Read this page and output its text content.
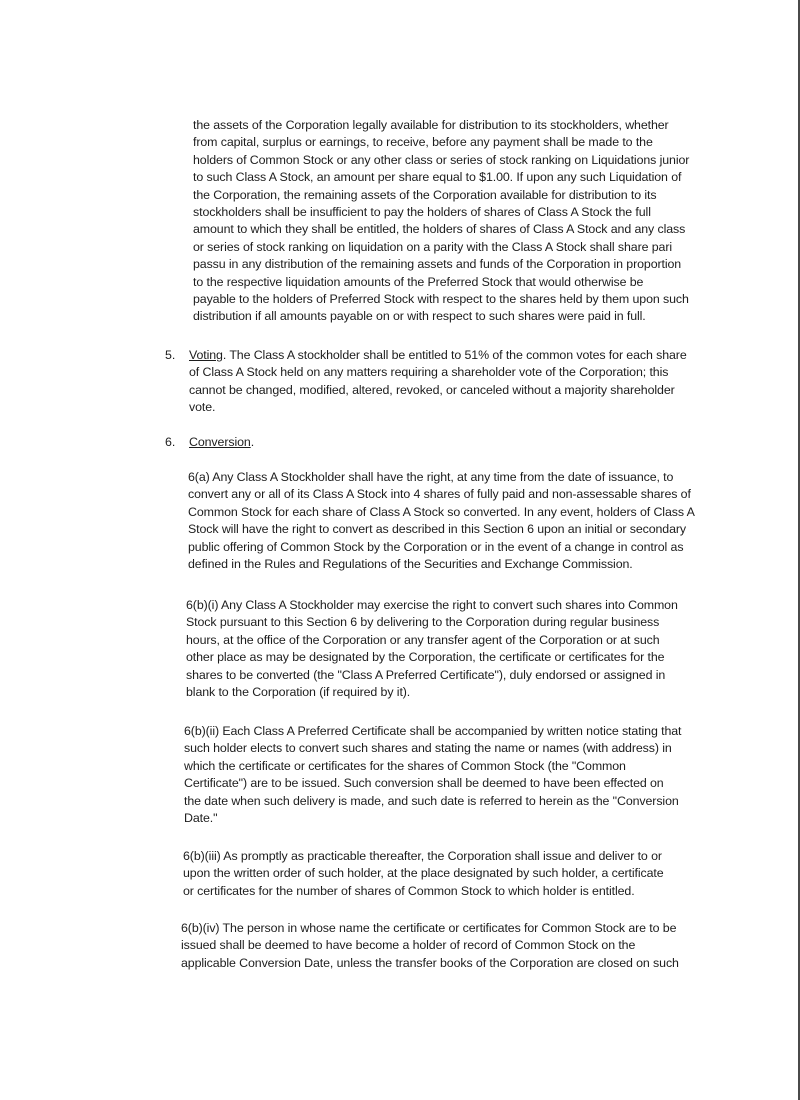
the assets of the Corporation legally available for distribution to its stockholders, whether
from capital, surplus or earnings, to receive, before any payment shall be made to the
holders of Common Stock or any other class or series of stock ranking on Liquidations junior
to such Class A Stock, an amount per share equal to $1.00. If upon any such Liquidation of
the Corporation, the remaining assets of the Corporation available for distribution to its
stockholders shall be insufficient to pay the holders of shares of Class A Stock the full
amount to which they shall be entitled, the holders of shares of Class A Stock and any class
or series of stock ranking on liquidation on a parity with the Class A Stock shall share pari
passu in any distribution of the remaining assets and funds of the Corporation in proportion
to the respective liquidation amounts of the Preferred Stock that would otherwise be
payable to the holders of Preferred Stock with respect to the shares held by them upon such
distribution if all amounts payable on or with respect to such shares were paid in full.
5. Voting. The Class A stockholder shall be entitled to 51% of the common votes for each share
of Class A Stock held on any matters requiring a shareholder vote of the Corporation; this
cannot be changed, modified, altered, revoked, or canceled without a majority shareholder
vote.
6. Conversion.
6(a) Any Class A Stockholder shall have the right, at any time from the date of issuance, to
convert any or all of its Class A Stock into 4 shares of fully paid and non-assessable shares of
Common Stock for each share of Class A Stock so converted. In any event, holders of Class A
Stock will have the right to convert as described in this Section 6 upon an initial or secondary
public offering of Common Stock by the Corporation or in the event of a change in control as
defined in the Rules and Regulations of the Securities and Exchange Commission.
6(b)(i) Any Class A Stockholder may exercise the right to convert such shares into Common
Stock pursuant to this Section 6 by delivering to the Corporation during regular business
hours, at the office of the Corporation or any transfer agent of the Corporation or at such
other place as may be designated by the Corporation, the certificate or certificates for the
shares to be converted (the "Class A Preferred Certificate"), duly endorsed or assigned in
blank to the Corporation (if required by it).
6(b)(ii) Each Class A Preferred Certificate shall be accompanied by written notice stating that
such holder elects to convert such shares and stating the name or names (with address) in
which the certificate or certificates for the shares of Common Stock (the "Common
Certificate") are to be issued. Such conversion shall be deemed to have been effected on
the date when such delivery is made, and such date is referred to herein as the "Conversion
Date."
6(b)(iii) As promptly as practicable thereafter, the Corporation shall issue and deliver to or
upon the written order of such holder, at the place designated by such holder, a certificate
or certificates for the number of shares of Common Stock to which holder is entitled.
6(b)(iv) The person in whose name the certificate or certificates for Common Stock are to be
issued shall be deemed to have become a holder of record of Common Stock on the
applicable Conversion Date, unless the transfer books of the Corporation are closed on such
